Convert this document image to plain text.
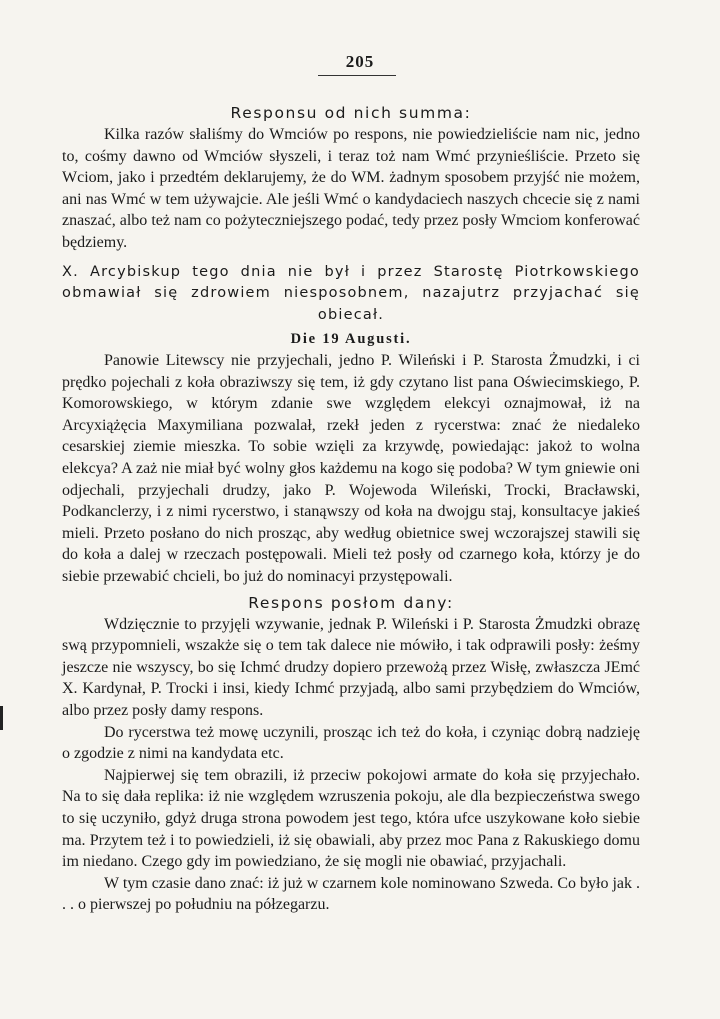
205
Responsu od nich summa:

Kilka razów słaliśmy do Wmciów po respons, nie powiedzieliście nam nic, jedno to, cośmy dawno od Wmciów słyszeli, i teraz toż nam Wmć przynieśliście. Przeto się Wciom, jako i przedtém deklarujemy, że do WM. żadnym sposobem przyjść nie możem, ani nas Wmć w tem używajcie. Ale jeśli Wmć o kandydaciech naszych chcecie się z nami znaszać, albo też nam co pożyteczniejszego podać, tedy przez posły Wmciom konferować będziemy.

X. Arcybiskup tego dnia nie był i przez Starostę Piotrkowskiego obmawiał się zdrowiem niesposobnem, nazajutrz przyjachać się obiecał.

Die 19 Augusti.

Panowie Litewscy nie przyjechali, jedno P. Wileński i P. Starosta Żmudzki, i ci prędko pojechali z koła obraziwszy się tem, iż gdy czytano list pana Oświecimskiego, P. Komorowskiego, w którym zdanie swe względem elekcyi oznajmował, iż na Arcyxiążęcia Maxymiliana pozwalał, rzekł jeden z rycerstwa: znać że niedaleko cesarskiej ziemie mieszka. To sobie wzięli za krzywdę, powiedając: jakoż to wolna elekcya? A zaż nie miał być wolny głos każdemu na kogo się podoba? W tym gniewie oni odjechali, przyjechali drudzy, jako P. Wojewoda Wileński, Trocki, Bracławski, Podkanclerzy, i z nimi rycerstwo, i stanąwszy od koła na dwojgu staj, konsultacye jakieś mieli. Przeto posłano do nich prosząc, aby według obietnice swej wczorajszej stawili się do koła a dalej w rzeczach postępowali. Mieli też posły od czarnego koła, którzy je do siebie przewabić chcieli, bo już do nominacyi przystępowali.

Respons posłom dany:

Wdzięcznie to przyjęli wzywanie, jednak P. Wileński i P. Starosta Żmudzki obrazę swą przypomnieli, wszakże się o tem tak dalece nie mówiło, i tak odprawili posły: żeśmy jeszcze nie wszyscy, bo się Ichmć drudzy dopiero przewożą przez Wisłę, zwłaszcza JEmć X. Kardynał, P. Trocki i insi, kiedy Ichmć przyjadą, albo sami przybędziem do Wmciów, albo przez posły damy respons.

Do rycerstwa też mowę uczynili, prosząc ich też do koła, i czyniąc dobrą nadzieję o zgodzie z nimi na kandydata etc.

Najpierwej się tem obrazili, iż przeciw pokojowi armate do koła się przyjechało. Na to się dała replika: iż nie względem wzruszenia pokoju, ale dla bezpieczeństwa swego to się uczyniło, gdyż druga strona powodem jest tego, która ufce uszykowane koło siebie ma. Przytem też i to powiedzieli, iż się obawiali, aby przez moc Pana z Rakuskiego domu im niedano. Czego gdy im powiedziano, że się mogli nie obawiać, przyjachali.

W tym czasie dano znać: iż już w czarnem kole nominowano Szweda. Co było jak . . . o pierwszej po południu na półzegarzu.
